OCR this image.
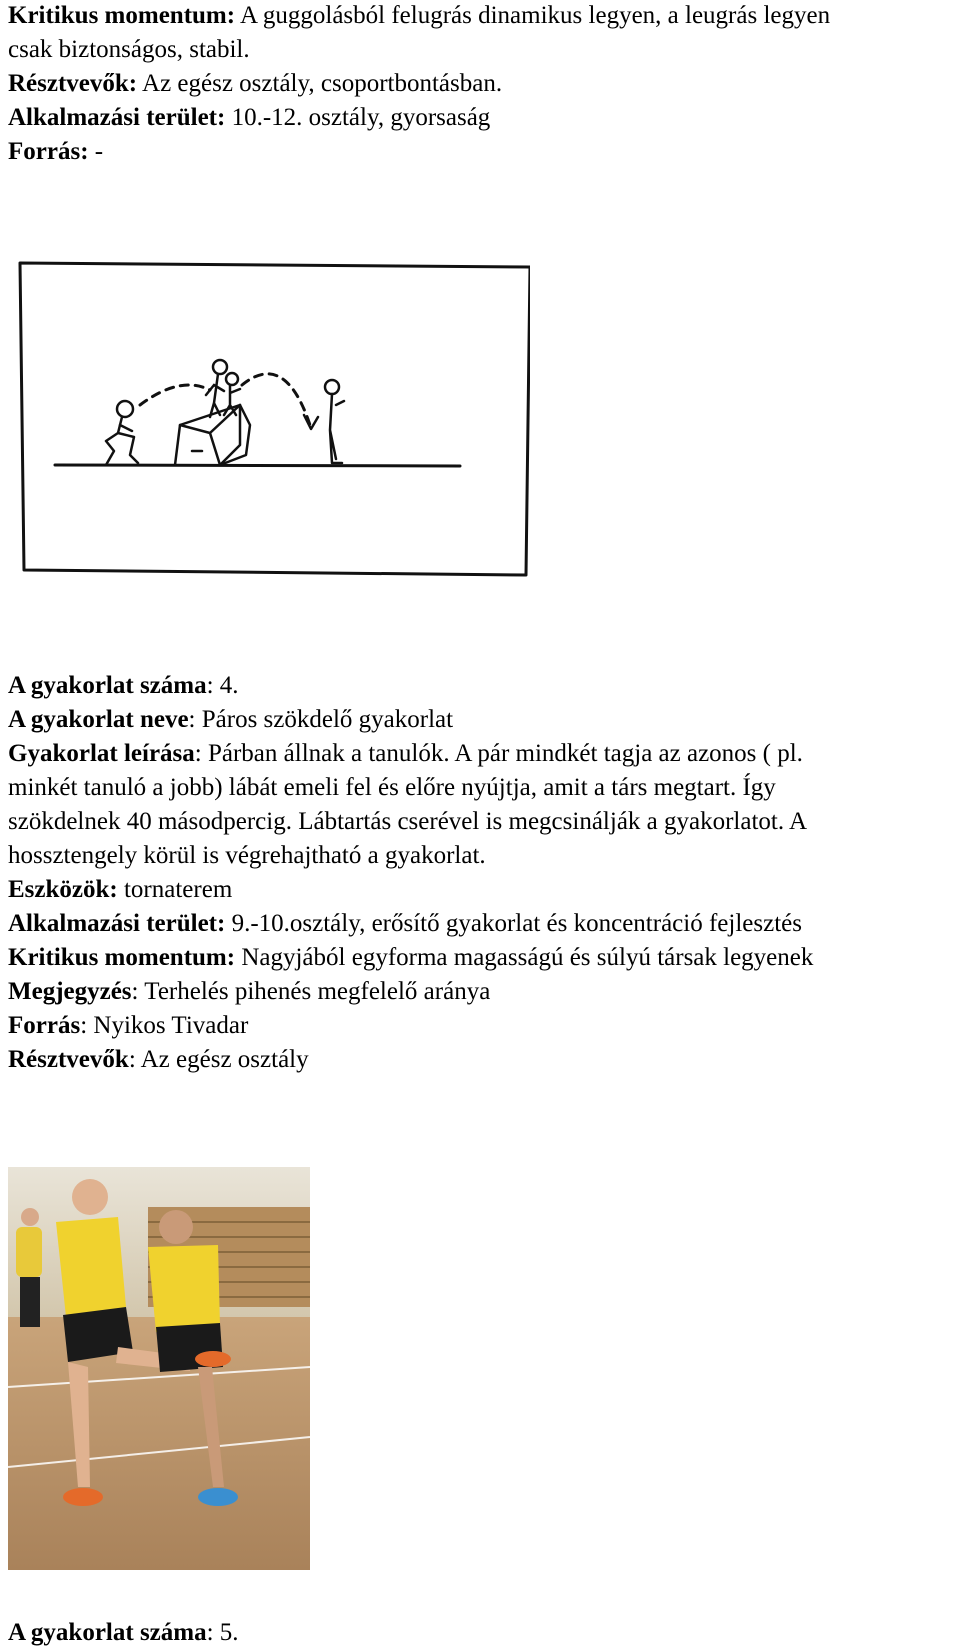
Kritikus momentum: A guggolásból felugrás dinamikus legyen, a leugrás legyen
csak biztonságos, stabil.
Résztvevők: Az egész osztály, csoportbontásban.
Alkalmazási terület: 10.-12. osztály, gyorsaság
Forrás: -
A gyakorlat száma: 4.
A gyakorlat neve: Páros szökdelő gyakorlat
Gyakorlat leírása: Párban állnak a tanulók. A pár mindkét tagja az azonos ( pl.
minkét tanuló a jobb) lábát emeli fel és előre nyújtja, amit a társ megtart. Így
szökdelnek 40 másodpercig. Lábtartás cserével is megcsinálják a gyakorlatot. A
hossztengely körül is végrehajtható a gyakorlat.
Eszközök: tornaterem
Alkalmazási terület: 9.-10.osztály, erősítő gyakorlat és koncentráció fejlesztés
Kritikus momentum: Nagyjából egyforma magasságú és súlyú társak legyenek
Megjegyzés: Terhelés pihenés megfelelő aránya
Forrás: Nyikos Tivadar
Résztvevők: Az egész osztály
A gyakorlat száma: 5.
